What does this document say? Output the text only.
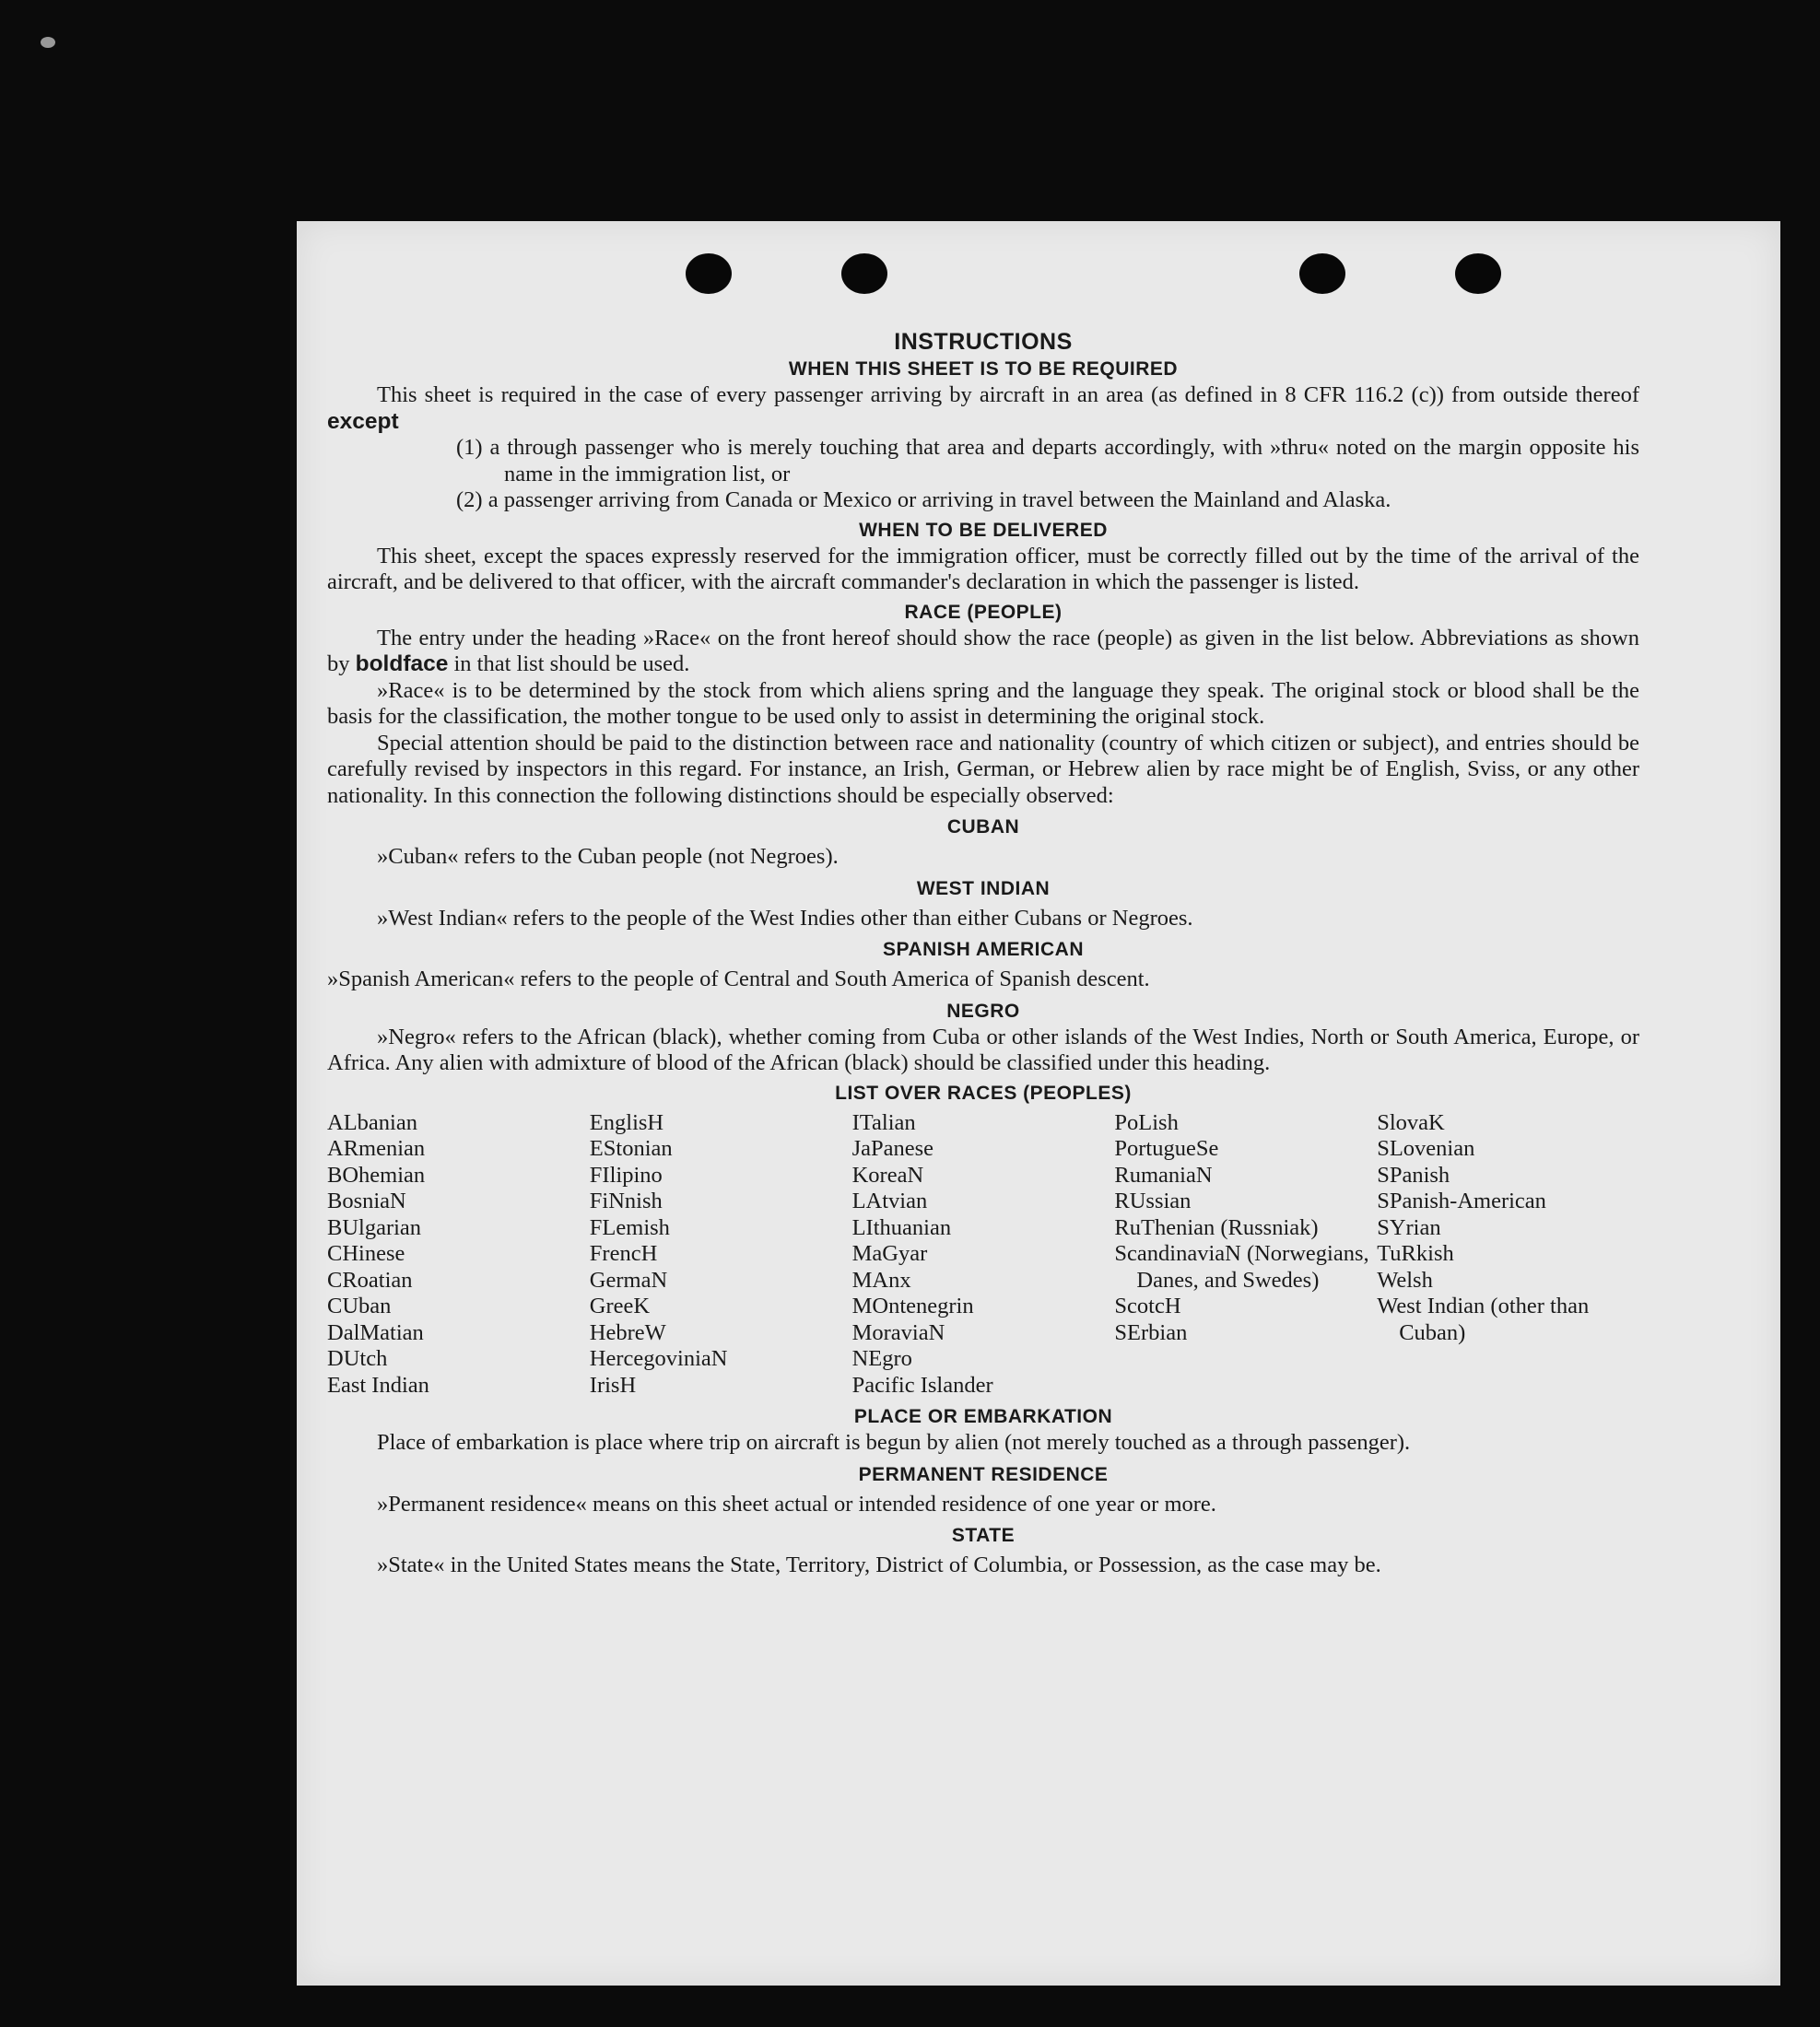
INSTRUCTIONS
WHEN THIS SHEET IS TO BE REQUIRED

This sheet is required in the case of every passenger arriving by aircraft in an area (as defined in 8 CFR 116.2 (c)) from outside thereof except

(1) a through passenger who is merely touching that area and departs accordingly, with »thru« noted on the margin opposite his name in the immigration list, or

(2) a passenger arriving from Canada or Mexico or arriving in travel between the Mainland and Alaska.

WHEN TO BE DELIVERED

This sheet, except the spaces expressly reserved for the immigration officer, must be correctly filled out by the time of the arrival of the aircraft, and be delivered to that officer, with the aircraft commander's declaration in which the passenger is listed.

RACE (PEOPLE)

The entry under the heading »Race« on the front hereof should show the race (people) as given in the list below. Abbreviations as shown by boldface in that list should be used.

»Race« is to be determined by the stock from which aliens spring and the language they speak. The original stock or blood shall be the basis for the classification, the mother tongue to be used only to assist in determining the original stock.

Special attention should be paid to the distinction between race and nationality (country of which citizen or subject), and entries should be carefully revised by inspectors in this regard. For instance, an Irish, German, or Hebrew alien by race might be of English, Sviss, or any other nationality. In this connection the following distinctions should be especially observed:

CUBAN

»Cuban« refers to the Cuban people (not Negroes).

WEST INDIAN

»West Indian« refers to the people of the West Indies other than either Cubans or Negroes.

SPANISH AMERICAN

»Spanish American« refers to the people of Central and South America of Spanish descent.

NEGRO

»Negro« refers to the African (black), whether coming from Cuba or other islands of the West Indies, North or South America, Europe, or Africa. Any alien with admixture of blood of the African (black) should be classified under this heading.

LIST OVER RACES (PEOPLES)
ALbanian
ARmenian
BOhemian
BosniaN
BUlgarian
CHinese
CRoatian
CUban
DalMatian
DUtch
East Indian
EnglisH
EStonian
FIlipino
FiNnish
FLemish
FrencH
GermaN
GreeK
HebreW
HercegoviniaN
IrisH
ITalian
JaPanese
KoreaN
LAtvian
LIthuanian
MaGyar
MAnx
MOntenegrin
MoraviaN
NEgro
Pacific Islander
PoLish
PortugueSe
RumaniaN
RUssian
RuThenian (Russniak)
ScandinaviaN (Norwegians, Danes, and Swedes)
ScotcH
SErbian
SlovaK
SLovenian
SPanish
SPanish-American
SYrian
TuRkish
Welsh
West Indian (other than Cuban)
PLACE OR EMBARKATION

Place of embarkation is place where trip on aircraft is begun by alien (not merely touched as a through passenger).

PERMANENT RESIDENCE

»Permanent residence« means on this sheet actual or intended residence of one year or more.

STATE

»State« in the United States means the State, Territory, District of Columbia, or Possession, as the case may be.
